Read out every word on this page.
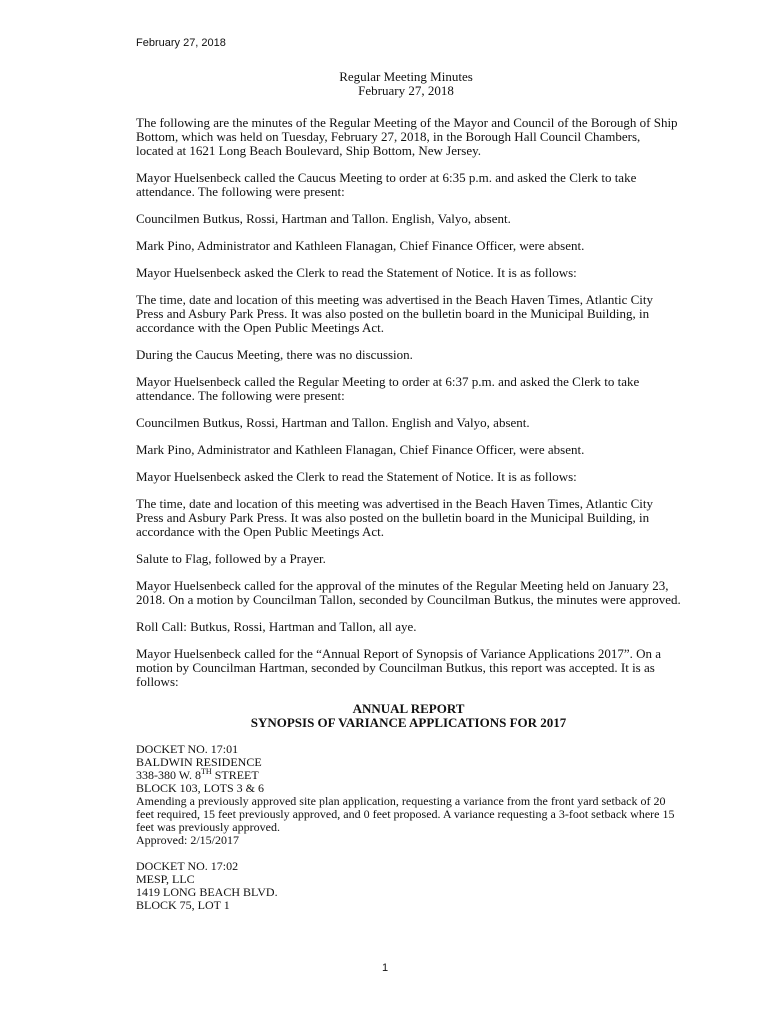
February 27, 2018
Regular Meeting Minutes
February 27, 2018

The following are the minutes of the Regular Meeting of the Mayor and Council of the Borough of Ship Bottom, which was held on Tuesday, February 27, 2018, in the Borough Hall Council Chambers, located at 1621 Long Beach Boulevard, Ship Bottom, New Jersey.

Mayor Huelsenbeck called the Caucus Meeting to order at 6:35 p.m. and asked the Clerk to take attendance. The following were present:

Councilmen Butkus, Rossi, Hartman and Tallon. English, Valyo, absent.

Mark Pino, Administrator and Kathleen Flanagan, Chief Finance Officer, were absent.

Mayor Huelsenbeck asked the Clerk to read the Statement of Notice. It is as follows:

The time, date and location of this meeting was advertised in the Beach Haven Times, Atlantic City Press and Asbury Park Press. It was also posted on the bulletin board in the Municipal Building, in accordance with the Open Public Meetings Act.

During the Caucus Meeting, there was no discussion.

Mayor Huelsenbeck called the Regular Meeting to order at 6:37 p.m. and asked the Clerk to take attendance. The following were present:

Councilmen Butkus, Rossi, Hartman and Tallon. English and Valyo, absent.

Mark Pino, Administrator and Kathleen Flanagan, Chief Finance Officer, were absent.

Mayor Huelsenbeck asked the Clerk to read the Statement of Notice. It is as follows:

The time, date and location of this meeting was advertised in the Beach Haven Times, Atlantic City Press and Asbury Park Press. It was also posted on the bulletin board in the Municipal Building, in accordance with the Open Public Meetings Act.

Salute to Flag, followed by a Prayer.

Mayor Huelsenbeck called for the approval of the minutes of the Regular Meeting held on January 23, 2018. On a motion by Councilman Tallon, seconded by Councilman Butkus, the minutes were approved.

Roll Call: Butkus, Rossi, Hartman and Tallon, all aye.

Mayor Huelsenbeck called for the “Annual Report of Synopsis of Variance Applications 2017”. On a motion by Councilman Hartman, seconded by Councilman Butkus, this report was accepted. It is as follows:

ANNUAL REPORT
SYNOPSIS OF VARIANCE APPLICATIONS FOR 2017
DOCKET NO. 17:01
BALDWIN RESIDENCE
338-380 W. 8TH STREET
BLOCK 103, LOTS 3 & 6
Amending a previously approved site plan application, requesting a variance from the front yard setback of 20 feet required, 15 feet previously approved, and 0 feet proposed. A variance requesting a 3-foot setback where 15 feet was previously approved.
Approved: 2/15/2017
DOCKET NO. 17:02
MESP, LLC
1419 LONG BEACH BLVD.
BLOCK 75, LOT 1
1
